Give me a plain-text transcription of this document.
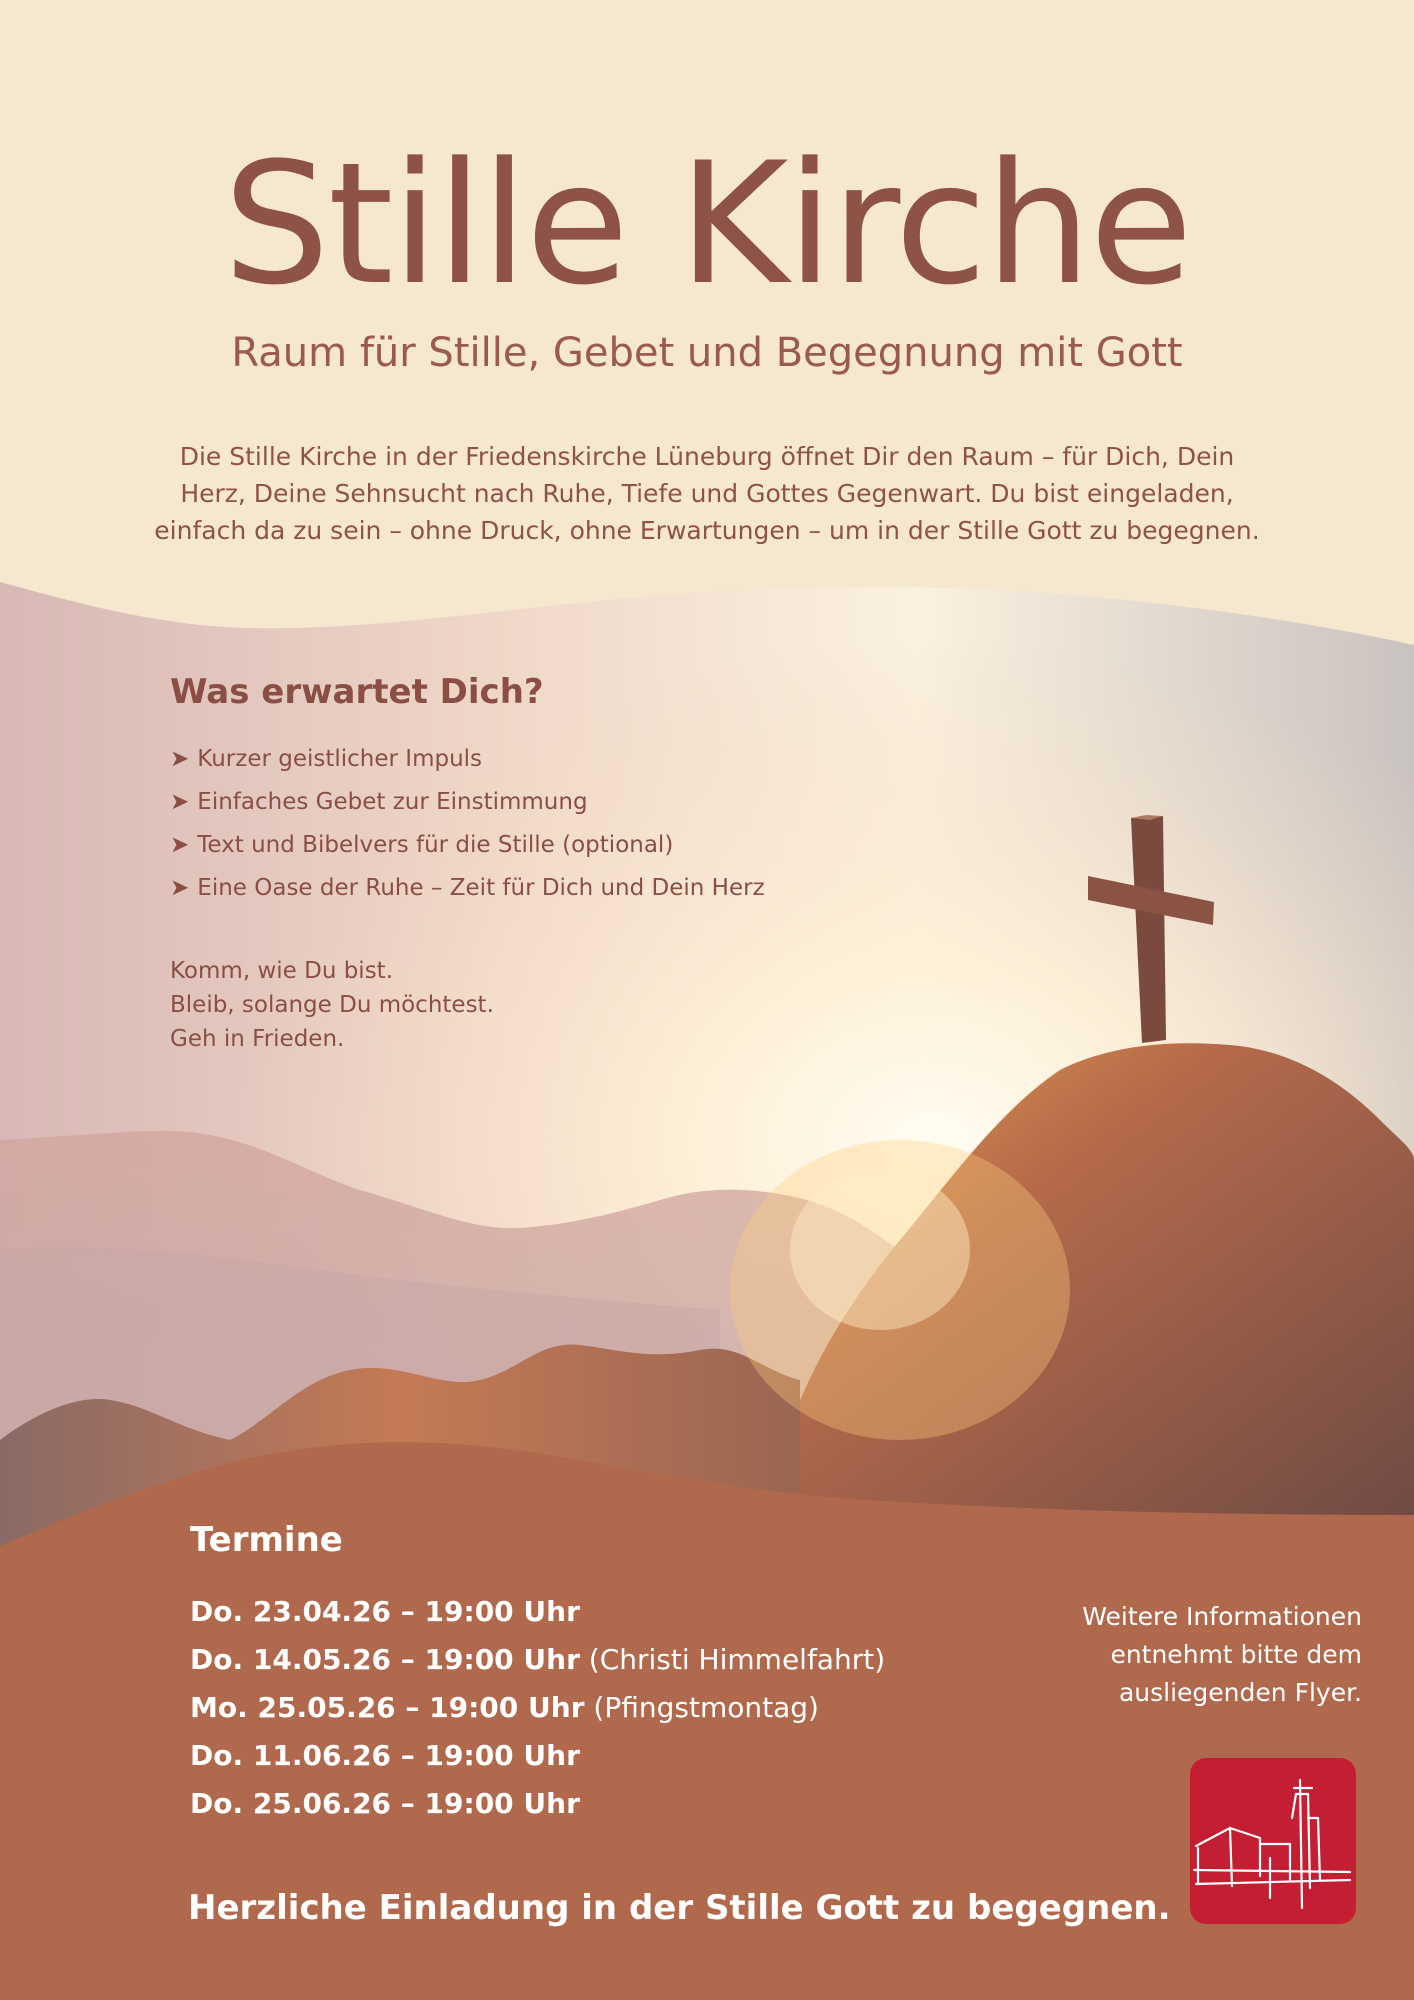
Stille Kirche

Raum für Stille, Gebet und Begegnung mit Gott

Die Stille Kirche in der Friedenskirche Lüneburg öffnet Dir den Raum – für Dich, Dein
Herz, Deine Sehnsucht nach Ruhe, Tiefe und Gottes Gegenwart. Du bist eingeladen,
einfach da zu sein – ohne Druck, ohne Erwartungen – um in der Stille Gott zu begegnen.

Was erwartet Dich?
➤ Kurzer geistlicher Impuls
➤ Einfaches Gebet zur Einstimmung
➤ Text und Bibelvers für die Stille (optional)
➤ Eine Oase der Ruhe – Zeit für Dich und Dein Herz
Komm, wie Du bist.
Bleib, solange Du möchtest.
Geh in Frieden.
Termine
Do. 23.04.26 – 19:00 Uhr
Do. 14.05.26 – 19:00 Uhr (Christi Himmelfahrt)
Mo. 25.05.26 – 19:00 Uhr (Pfingstmontag)
Do. 11.06.26 – 19:00 Uhr
Do. 25.06.26 – 19:00 Uhr
Weitere Informationen
entnehmt bitte dem
ausliegenden Flyer.
Herzliche Einladung in der Stille Gott zu begegnen.
